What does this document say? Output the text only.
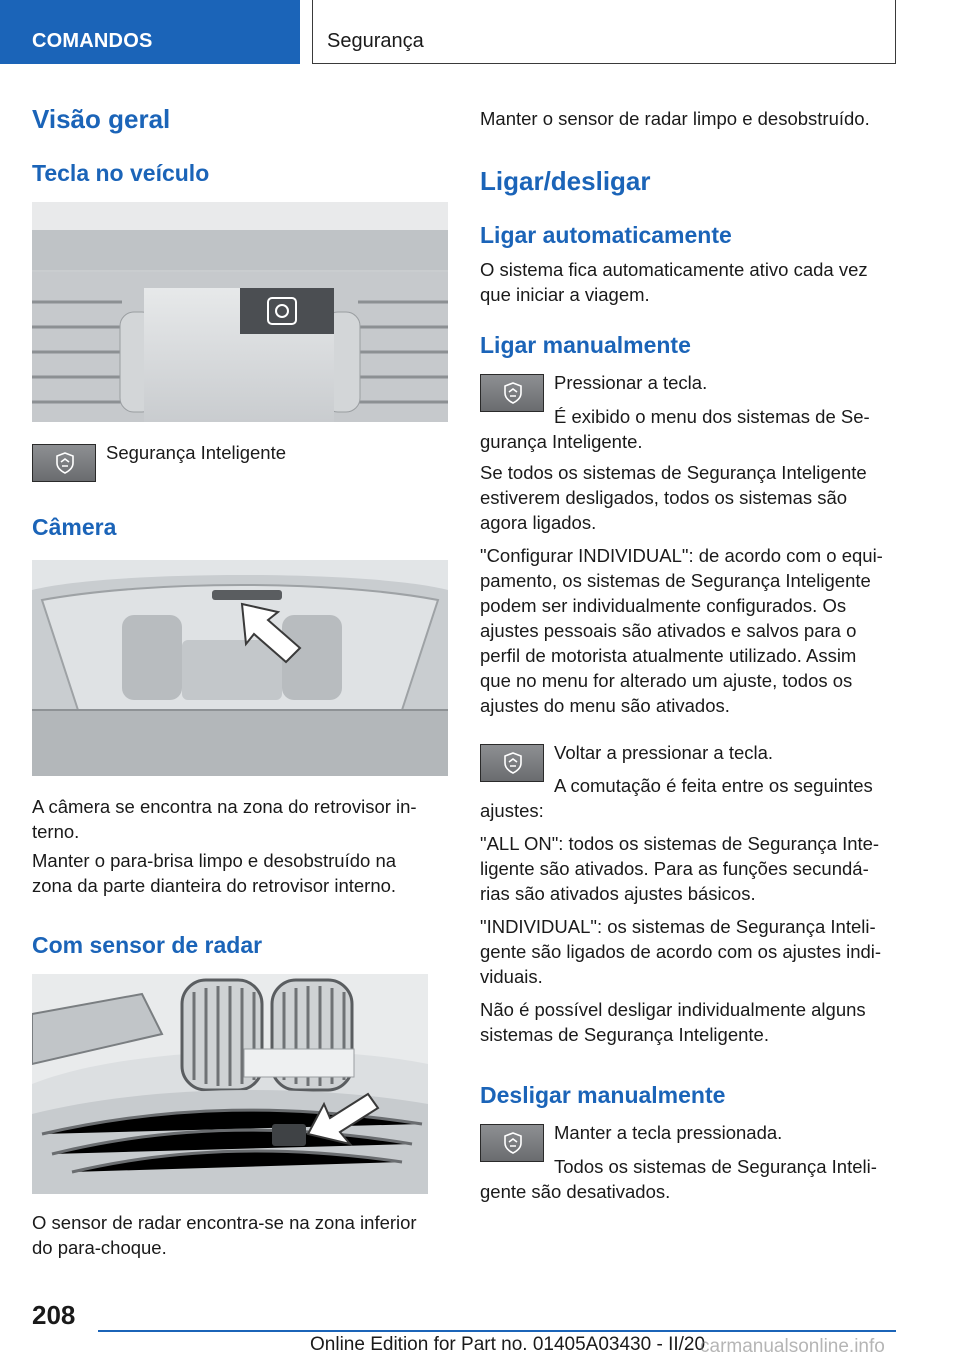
COMANDOS	Segurança
Visão geral
Tecla no veículo

Segurança Inteligente

Câmera

A câmera se encontra na zona do retrovisor in‐

terno.

Manter o para-brisa limpo e desobstruído na

zona da parte dianteira do retrovisor interno.

Com sensor de radar

O sensor de radar encontra-se na zona inferior

do para-choque.

Manter o sensor de radar limpo e desobstruído.

Ligar/desligar
Ligar automaticamente

O sistema fica automaticamente ativo cada vez

que iniciar a viagem.

Ligar manualmente

Pressionar a tecla.

É exibido o menu dos sistemas de Se‐

gurança Inteligente.

Se todos os sistemas de Segurança Inteligente

estiverem desligados, todos os sistemas são

agora ligados.

"Configurar INDIVIDUAL": de acordo com o equi‐

pamento, os sistemas de Segurança Inteligente

podem ser individualmente configurados. Os

ajustes pessoais são ativados e salvos para o

perfil de motorista atualmente utilizado. Assim

que no menu for alterado um ajuste, todos os

ajustes do menu são ativados.

Voltar a pressionar a tecla.

A comutação é feita entre os seguintes

ajustes:

"ALL ON": todos os sistemas de Segurança Inte‐

ligente são ativados. Para as funções secundá‐

rias são ativados ajustes básicos.

"INDIVIDUAL": os sistemas de Segurança Inteli‐

gente são ligados de acordo com os ajustes indi‐

viduais.

Não é possível desligar individualmente alguns

sistemas de Segurança Inteligente.

Desligar manualmente

Manter a tecla pressionada.

Todos os sistemas de Segurança Inteli‐

gente são desativados.

208
Online Edition for Part no. 01405A03430 - II/20
carmanualsonline.info
